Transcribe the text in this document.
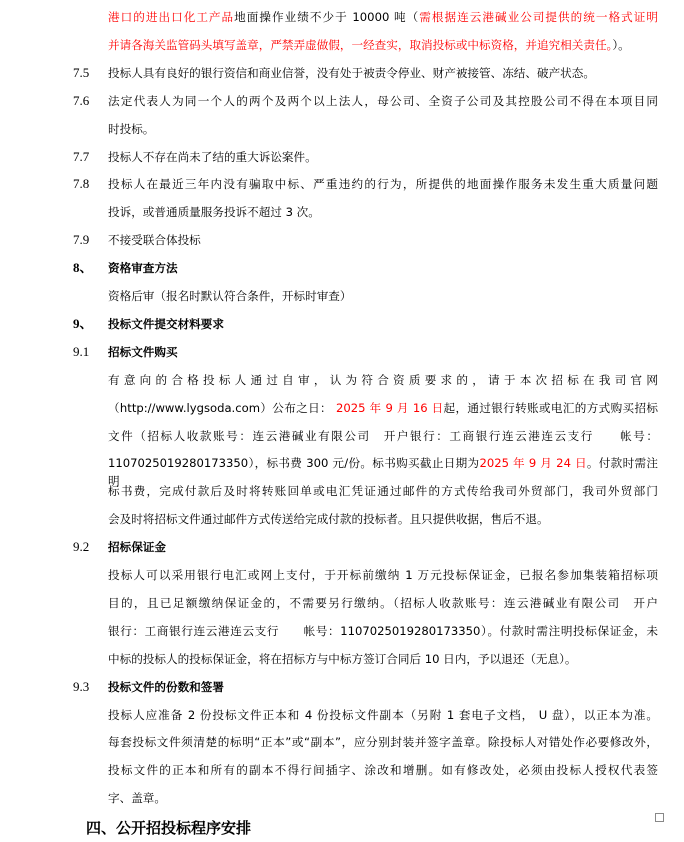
港口的进出口化工产品地面操作业绩不少于 10000 吨（需根据连云港碱业公司提供的统一格式证明
并请各海关监管码头填写盖章，严禁弄虚做假，一经查实，取消投标或中标资格，并追究相关责任。）。
7.5 投标人具有良好的银行资信和商业信誉，没有处于被责令停业、财产被接管、冻结、破产状态。
7.6 法定代表人为同一个人的两个及两个以上法人，母公司、全资子公司及其控股公司不得在本项目同
时投标。
7.7 投标人不存在尚未了结的重大诉讼案件。
7.8 投标人在最近三年内没有骗取中标、严重违约的行为，所提供的地面操作服务未发生重大质量问题
投诉，或普通质量服务投诉不超过 3 次。
7.9 不接受联合体投标
8、 资格审查方法
资格后审（报名时默认符合条件，开标时审查）
9、 投标文件提交材料要求
9.1 招标文件购买
有意向的合格投标人通过自审，认为符合资质要求的，请于本次招标在我司官网
（http://www.lygsoda.com）公布之日： 2025 年 9 月 16 日起，通过银行转账或电汇的方式购买招标
文件（招标人收款账号：连云港碱业有限公司　开户银行：工商银行连云港连云支行　　帐号：
1107025019280173350），标书费 300 元/份。标书购买截止日期为2025 年 9 月 24 日。付款时需注明
标书费，完成付款后及时将转账回单或电汇凭证通过邮件的方式传给我司外贸部门，我司外贸部门
会及时将招标文件通过邮件方式传送给完成付款的投标者。且只提供收据，售后不退。
9.2 招标保证金
投标人可以采用银行电汇或网上支付，于开标前缴纳 1 万元投标保证金，已报名参加集装箱招标项
目的，且已足额缴纳保证金的，不需要另行缴纳。（招标人收款账号：连云港碱业有限公司　开户
银行：工商银行连云港连云支行　　帐号：1107025019280173350）。付款时需注明投标保证金，未
中标的投标人的投标保证金，将在招标方与中标方签订合同后 10 日内，予以退还（无息）。
9.3 投标文件的份数和签署
投标人应准备 2 份投标文件正本和 4 份投标文件副本（另附 1 套电子文档， U 盘），以正本为准。
每套投标文件须清楚的标明“正本”或“副本”，应分别封装并签字盖章。除投标人对错处作必要修改外，
投标文件的正本和所有的副本不得行间插字、涂改和增删。如有修改处，必须由投标人授权代表签
字、盖章。
四、公开招投标程序安排
